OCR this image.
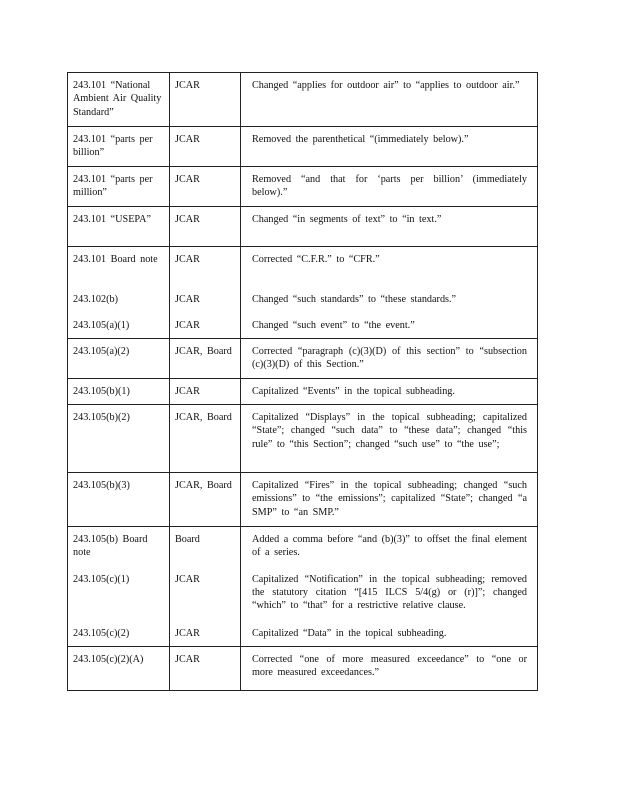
243.101 “National Ambient Air Quality Standard”	JCAR	Changed “applies for outdoor air” to “applies to outdoor air.”
243.101 “parts per billion”	JCAR	Removed the parenthetical “(immediately below).”
243.101 “parts per million”	JCAR	Removed “and that for ‘parts per billion’ (immediately below).”
243.101 “USEPA”	JCAR	Changed “in segments of text” to “in text.”
243.101 Board note	JCAR	Corrected “C.F.R.” to “CFR.”
243.102(b)	JCAR	Changed “such standards” to “these standards.”
243.105(a)(1)	JCAR	Changed “such event” to “the event.”
243.105(a)(2)	JCAR, Board	Corrected “paragraph (c)(3)(D) of this section” to “subsection (c)(3)(D) of this Section.”
243.105(b)(1)	JCAR	Capitalized “Events” in the topical subheading.
243.105(b)(2)	JCAR, Board	Capitalized “Displays” in the topical subheading; capitalized “State”; changed “such data” to “these data”; changed “this rule” to “this Section”; changed “such use” to “the use”;
243.105(b)(3)	JCAR, Board	Capitalized “Fires” in the topical subheading; changed “such emissions” to “the emissions”; capitalized “State”; changed “a SMP” to “an SMP.”
243.105(b) Board note	Board	Added a comma before “and (b)(3)” to offset the final element of a series.
243.105(c)(1)	JCAR	Capitalized “Notification” in the topical subheading; removed the statutory citation “[415 ILCS 5/4(g) or (r)]”; changed “which” to “that” for a restrictive relative clause.
243.105(c)(2)	JCAR	Capitalized “Data” in the topical subheading.
243.105(c)(2)(A)	JCAR	Corrected “one of more measured exceedance” to “one or more measured exceedances.”
